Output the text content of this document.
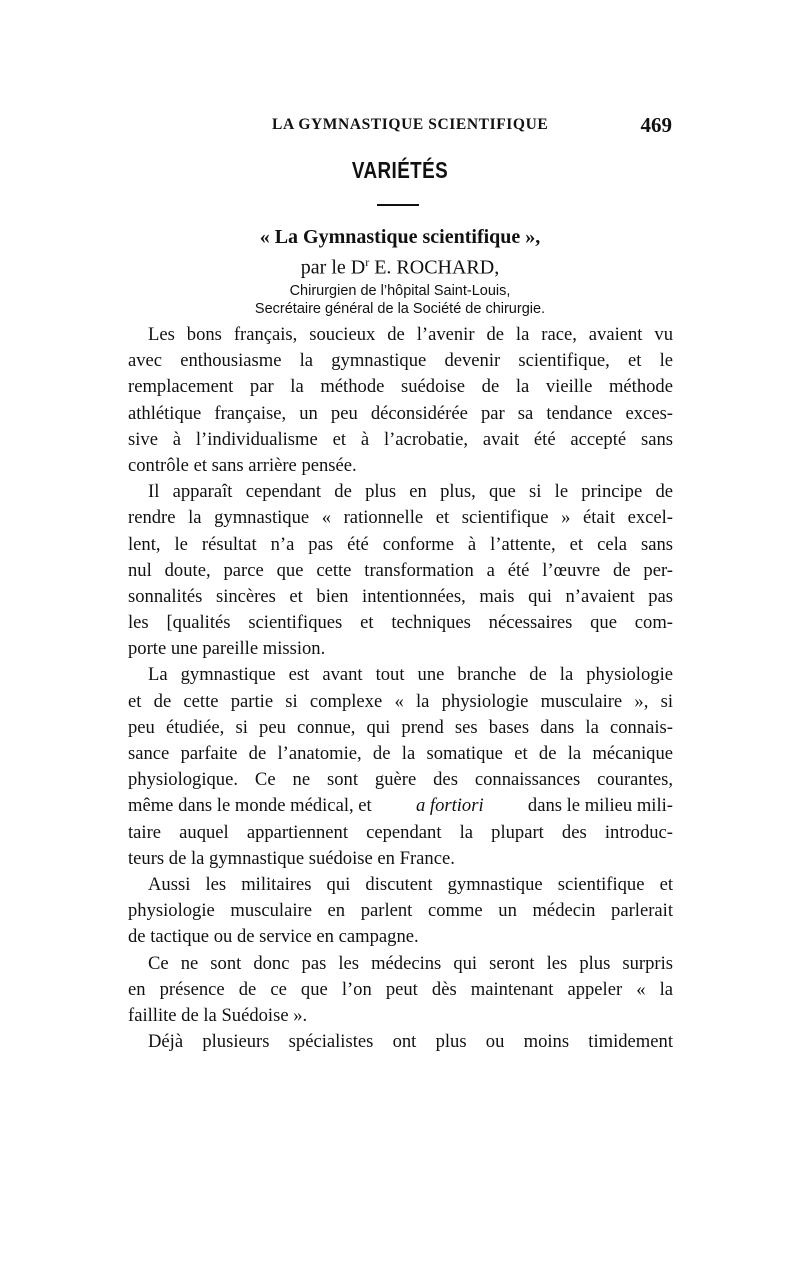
LA GYMNASTIQUE SCIENTIFIQUE	469
VARIÉTÉS
« La Gymnastique scientifique »,
par le $D^r$ E. ROCHARD,
Chirurgien de l’hôpital Saint-Louis,
Secrétaire général de la Société de chirurgie.
Les bons français, soucieux de l’avenir de la race, avaient vu
avec enthousiasme la gymnastique devenir scientifique, et le
remplacement par la méthode suédoise de la vieille méthode
athlétique française, un peu déconsidérée par sa tendance exces-
sive à l’individualisme et à l’acrobatie, avait été accepté sans
contrôle et sans arrière pensée.
Il apparaît cependant de plus en plus, que si le principe de
rendre la gymnastique « rationnelle et scientifique » était excel-
lent, le résultat n’a pas été conforme à l’attente, et cela sans
nul doute, parce que cette transformation a été l’œuvre de per-
sonnalités sincères et bien intentionnées, mais qui n’avaient pas
les [qualités scientifiques et techniques nécessaires que com-
porte une pareille mission.
La gymnastique est avant tout une branche de la physiologie
et de cette partie si complexe « la physiologie musculaire », si
peu étudiée, si peu connue, qui prend ses bases dans la connais-
sance parfaite de l’anatomie, de la somatique et de la mécanique
physiologique. Ce ne sont guère des connaissances courantes,
même dans le monde médical, et a fortiori dans le milieu mili-
taire auquel appartiennent cependant la plupart des introduc-
teurs de la gymnastique suédoise en France.
Aussi les militaires qui discutent gymnastique scientifique et
physiologie musculaire en parlent comme un médecin parlerait
de tactique ou de service en campagne.
Ce ne sont donc pas les médecins qui seront les plus surpris
en présence de ce que l’on peut dès maintenant appeler « la
faillite de la Suédoise ».
Déjà plusieurs spécialistes ont plus ou moins timidement
